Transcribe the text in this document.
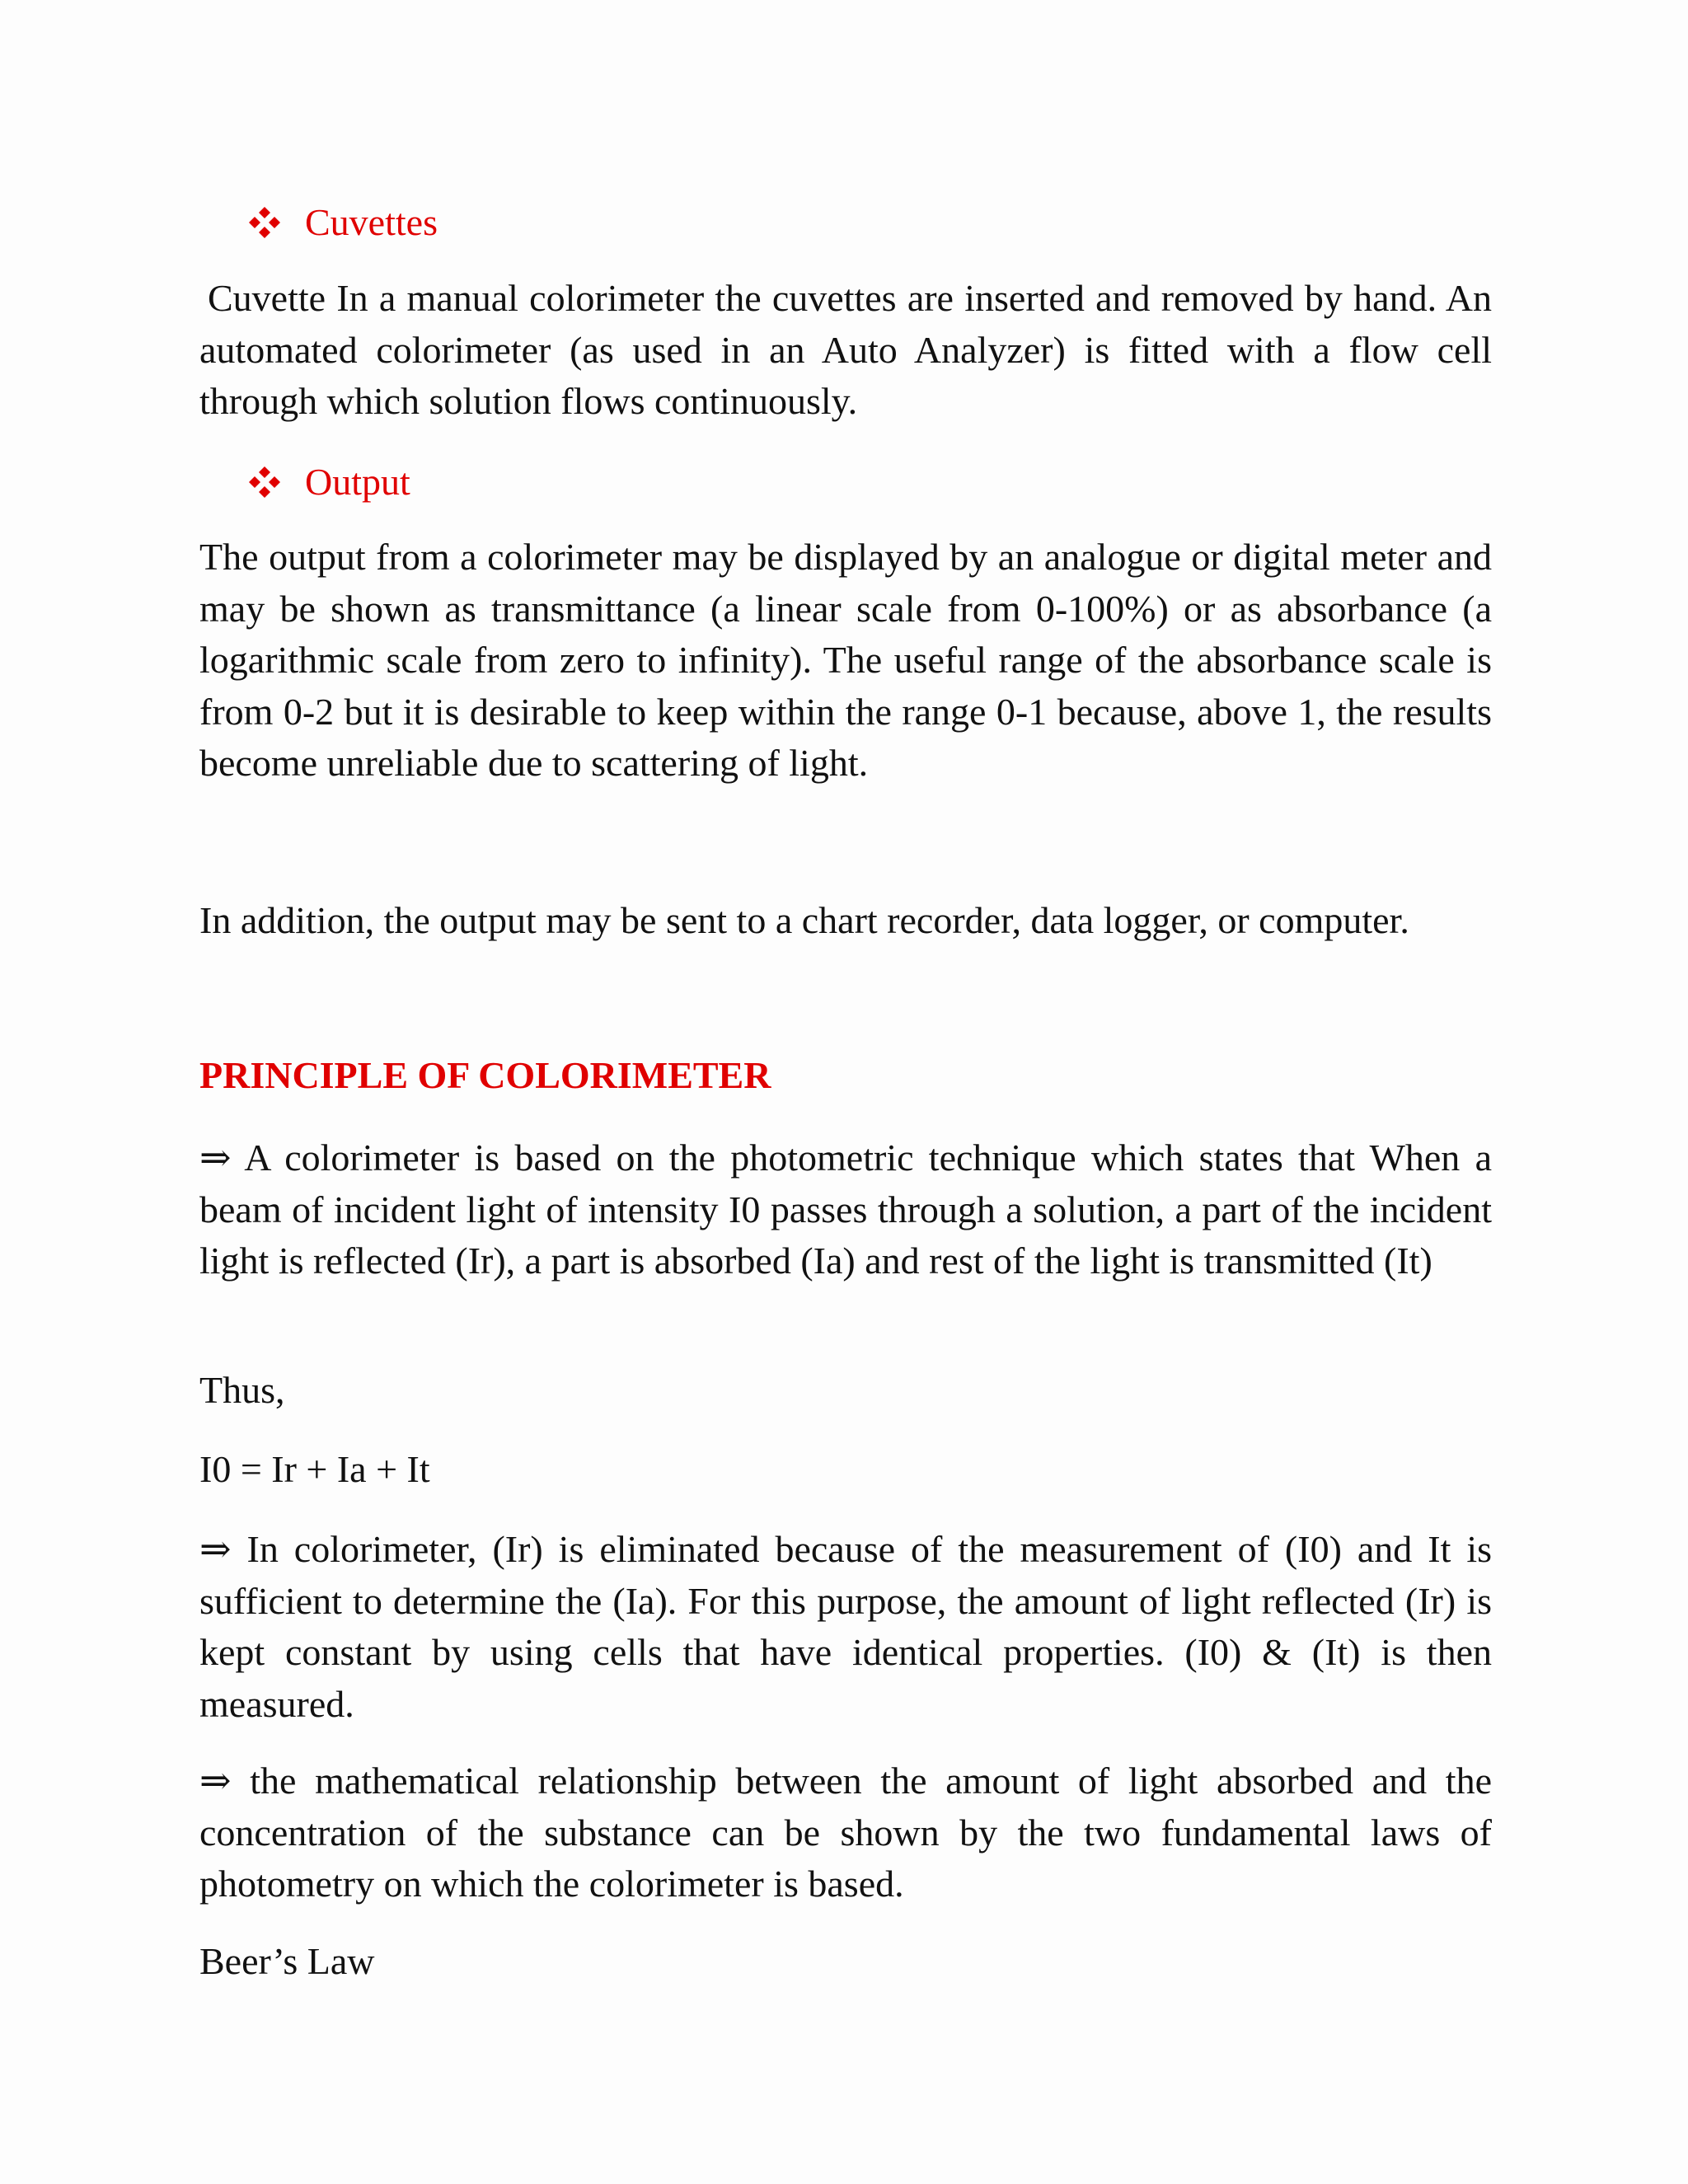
Cuvettes

Cuvette In a manual colorimeter the cuvettes are inserted and removed by hand. An automated colorimeter (as used in an Auto Analyzer) is fitted with a flow cell through which solution flows continuously.

Output

The output from a colorimeter may be displayed by an analogue or digital meter and may be shown as transmittance (a linear scale from 0-100%) or as absorbance (a logarithmic scale from zero to infinity). The useful range of the absorbance scale is from 0-2 but it is desirable to keep within the range 0-1 because, above 1, the results become unreliable due to scattering of light.

In addition, the output may be sent to a chart recorder, data logger, or computer.

PRINCIPLE OF COLORIMETER

⇒ A colorimeter is based on the photometric technique which states that When a beam of incident light of intensity I0 passes through a solution, a part of the incident light is reflected (Ir), a part is absorbed (Ia) and rest of the light is transmitted (It)

Thus,

I0 = Ir + Ia + It

⇒ In colorimeter, (Ir) is eliminated because of the measurement of (I0) and It is sufficient to determine the (Ia). For this purpose, the amount of light reflected (Ir) is kept constant by using cells that have identical properties. (I0) & (It) is then measured.

⇒ the mathematical relationship between the amount of light absorbed and the concentration of the substance can be shown by the two fundamental laws of photometry on which the colorimeter is based.

Beer’s Law
